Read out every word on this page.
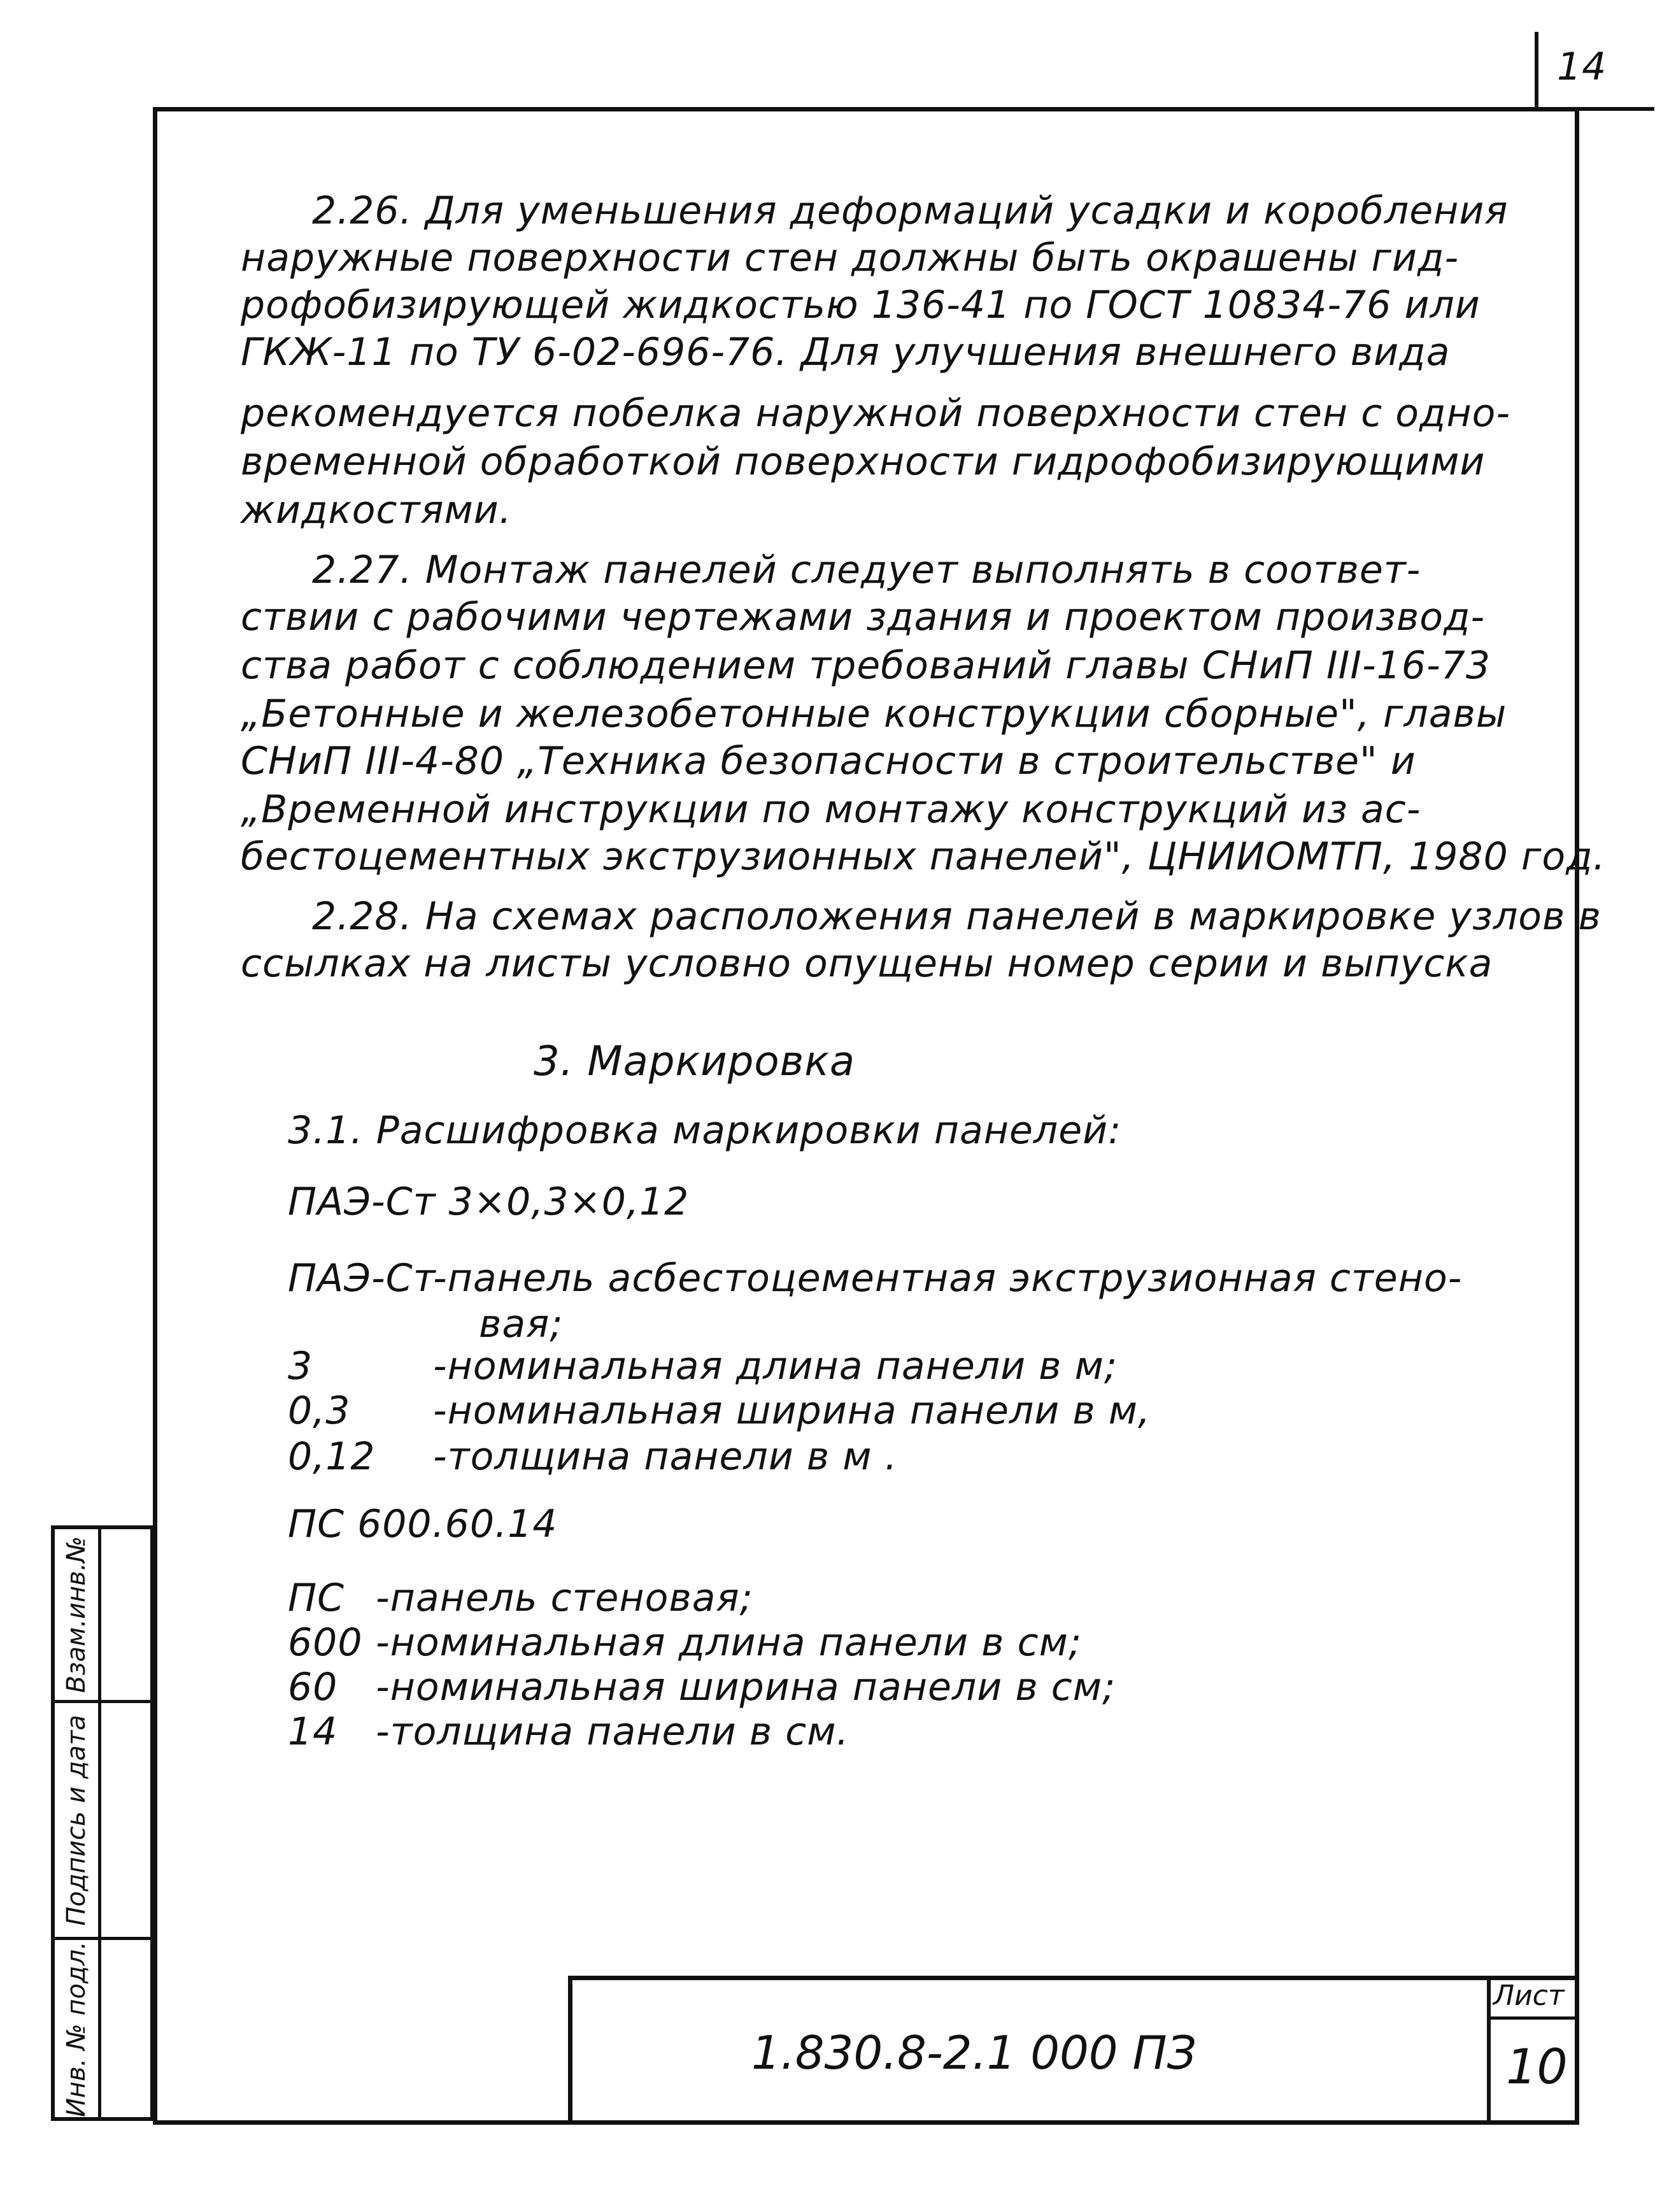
14
2.26. Для уменьшения деформаций усадки и коробления
наружные поверхности стен должны быть окрашены гид-
рофобизирующей жидкостью 136-41 по ГОСТ 10834-76 или
ГКЖ-11 по ТУ 6-02-696-76. Для улучшения внешнего вида
рекомендуется побелка наружной поверхности стен с одно-
временной обработкой поверхности гидрофобизирующими
жидкостями.
2.27. Монтаж панелей следует выполнять в соответ-
ствии с рабочими чертежами здания и проектом производ-
ства работ с соблюдением требований главы СНиП III-16-73
„Бетонные и железобетонные конструкции сборные", главы
СНиП III-4-80 „Техника безопасности в строительстве" и
„Временной инструкции по монтажу конструкций из ас-
бестоцементных экструзионных панелей", ЦНИИОМТП, 1980 год.
2.28. На схемах расположения панелей в маркировке узлов в
ссылках на листы условно опущены номер серии и выпуска
3. Маркировка
3.1. Расшифровка маркировки панелей:
ПАЭ-Ст 3×0,3×0,12
ПАЭ-Ст
-панель асбестоцементная экструзионная стено-
вая;
3	-номинальная длина панели в м;
0,3 -номинальная ширина панели в м,
0,12 -толщина панели в м .
ПС 600.60.14
ПС -панель стеновая;
600 -номинальная длина панели в см;
60 -номинальная ширина панели в см;
14 -толщина панели в см.
Взам.инв.№
Подпись и дата
Инв. № подл.	1.830.8-2.1 000 ПЗ
Лист
10
